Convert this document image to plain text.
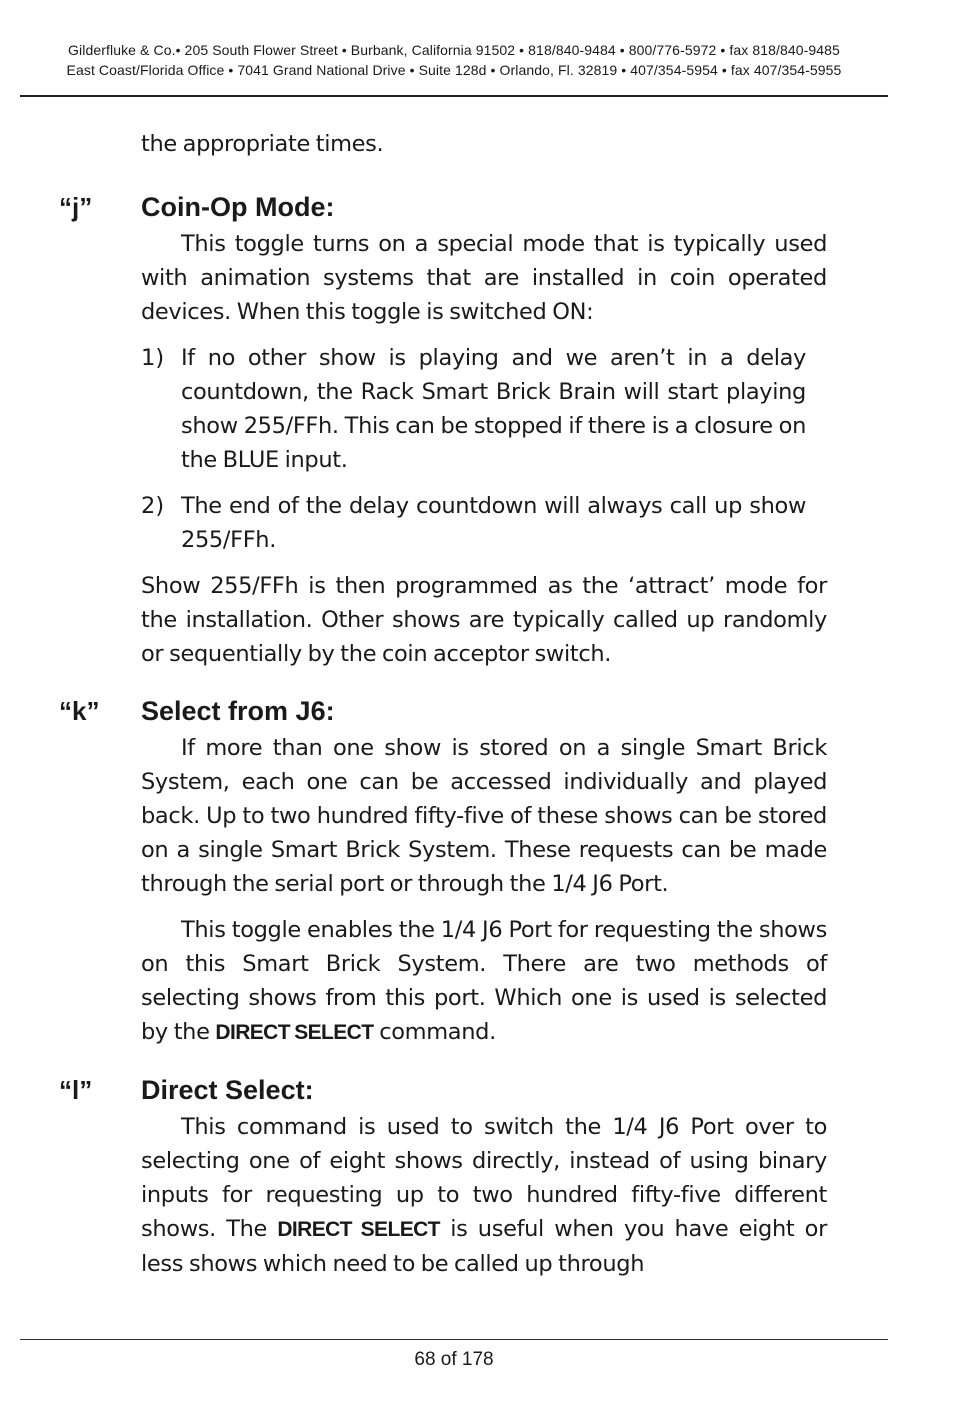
Gilderfluke & Co.• 205 South Flower Street • Burbank, California 91502 • 818/840-9484 • 800/776-5972 • fax 818/840-9485
East Coast/Florida Office • 7041 Grand National Drive • Suite 128d • Orlando, Fl. 32819 • 407/354-5954 • fax 407/354-5955

the appropriate times.

“j” Coin-Op Mode:

This toggle turns on a special mode that is typically used with animation systems that are installed in coin operated devices. When this toggle is switched ON:

1) If no other show is playing and we aren’t in a delay countdown, the Rack Smart Brick Brain will start playing show 255/FFh. This can be stopped if there is a closure on the BLUE input.

2) The end of the delay countdown will always call up show 255/FFh.

Show 255/FFh is then programmed as the ‘attract’ mode for the installation. Other shows are typically called up randomly or sequentially by the coin acceptor switch.

“k” Select from J6:

If more than one show is stored on a single Smart Brick System, each one can be accessed individually and played back. Up to two hundred fifty-five of these shows can be stored on a single Smart Brick System. These requests can be made through the serial port or through the 1/4 J6 Port.

This toggle enables the 1/4 J6 Port for requesting the shows on this Smart Brick System. There are two methods of selecting shows from this port. Which one is used is selected by the DIRECT SELECT command.

“l” Direct Select:

This command is used to switch the 1/4 J6 Port over to selecting one of eight shows directly, instead of using binary inputs for requesting up to two hundred fifty-five different shows. The DIRECT SELECT is useful when you have eight or less shows which need to be called up through

68 of 178
